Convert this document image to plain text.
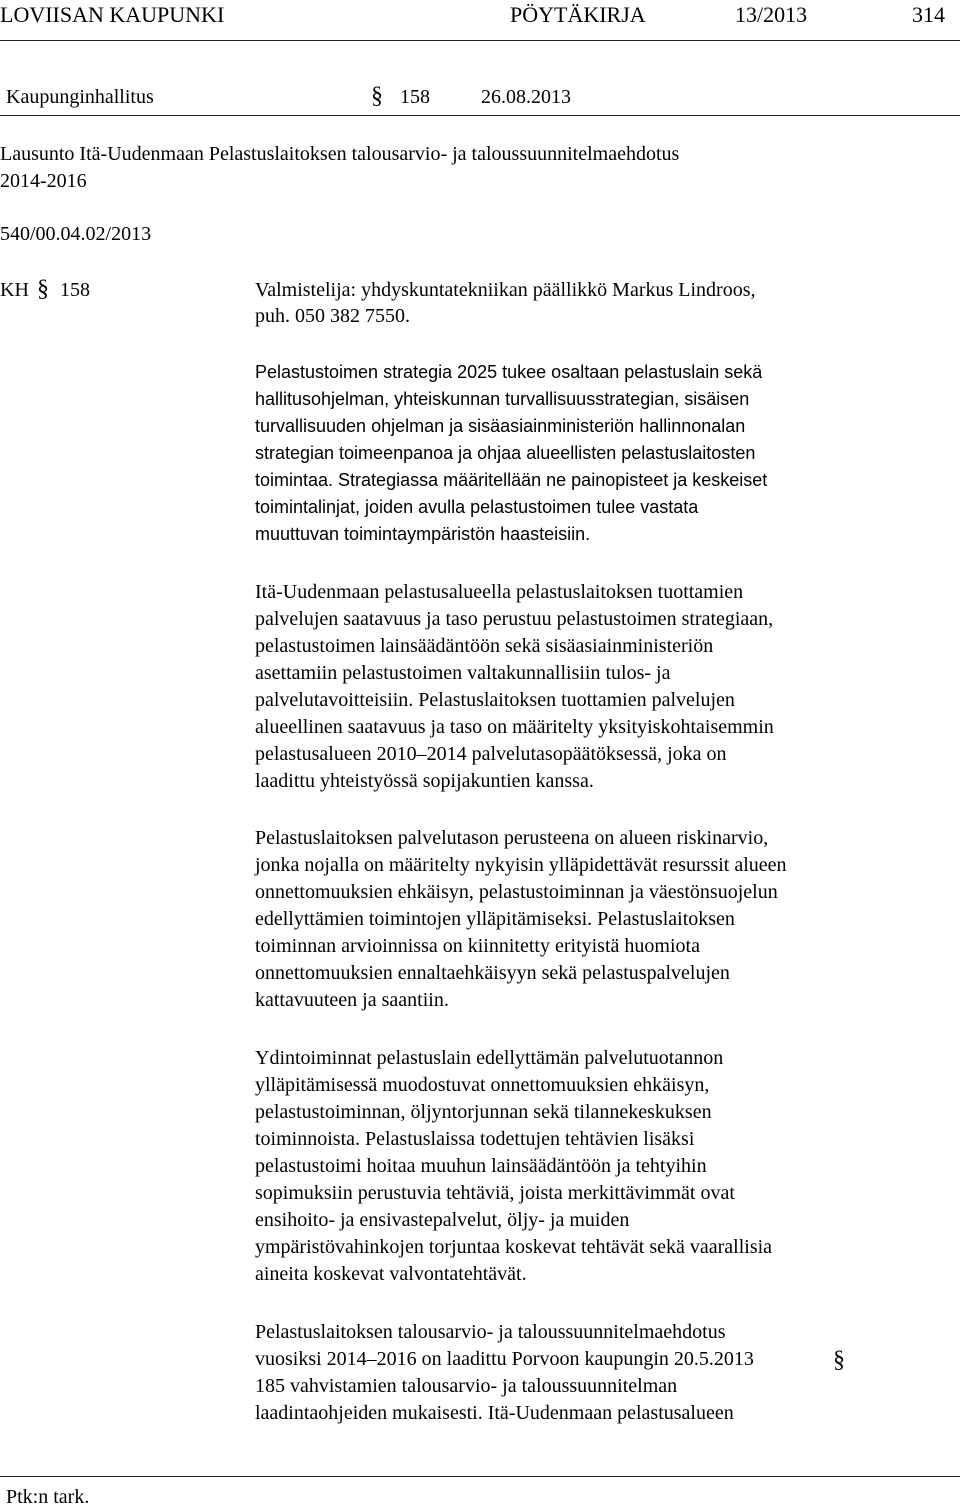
LOVIISAN KAUPUNKI	PÖYTÄKIRJA	13/2013	314
Kaupunginhallitus	§ 158	26.08.2013
Lausunto Itä-Uudenmaan Pelastuslaitoksen talousarvio- ja taloussuunnitelmaehdotus
2014-2016
540/00.04.02/2013
KH § 158	Valmistelija: yhdyskuntatekniikan päällikkö Markus Lindroos,
puh. 050 382 7550.
Pelastustoimen strategia 2025 tukee osaltaan pelastuslain sekä
hallitusohjelman, yhteiskunnan turvallisuusstrategian, sisäisen
turvallisuuden ohjelman ja sisäasiainministeriön hallinnonalan
strategian toimeenpanoa ja ohjaa alueellisten pelastuslaitosten
toimintaa. Strategiassa määritellään ne painopisteet ja keskeiset
toimintalinjat, joiden avulla pelastustoimen tulee vastata
muuttuvan toimintaympäristön haasteisiin.
Itä-Uudenmaan pelastusalueella pelastuslaitoksen tuottamien
palvelujen saatavuus ja taso perustuu pelastustoimen strategiaan,
pelastustoimen lainsäädäntöön sekä sisäasiainministeriön
asettamiin pelastustoimen valtakunnallisiin tulos- ja
palvelutavoitteisiin. Pelastuslaitoksen tuottamien palvelujen
alueellinen saatavuus ja taso on määritelty yksityiskohtaisemmin
pelastusalueen 2010–2014 palvelutasopäätöksessä, joka on
laadittu yhteistyössä sopijakuntien kanssa.
Pelastuslaitoksen palvelutason perusteena on alueen riskinarvio,
jonka nojalla on määritelty nykyisin ylläpidettävät resurssit alueen
onnettomuuksien ehkäisyn, pelastustoiminnan ja väestönsuojelun
edellyttämien toimintojen ylläpitämiseksi. Pelastuslaitoksen
toiminnan arvioinnissa on kiinnitetty erityistä huomiota
onnettomuuksien ennaltaehkäisyyn sekä pelastuspalvelujen
kattavuuteen ja saantiin.
Ydintoiminnat pelastuslain edellyttämän palvelutuotannon
ylläpitämisessä muodostuvat onnettomuuksien ehkäisyn,
pelastustoiminnan, öljyntorjunnan sekä tilannekeskuksen
toiminnoista. Pelastuslaissa todettujen tehtävien lisäksi
pelastustoimi hoitaa muuhun lainsäädäntöön ja tehtyihin
sopimuksiin perustuvia tehtäviä, joista merkittävimmät ovat
ensihoito- ja ensivastepalvelut, öljy- ja muiden
ympäristövahinkojen torjuntaa koskevat tehtävät sekä vaarallisia
aineita koskevat valvontatehtävät.
Pelastuslaitoksen talousarvio- ja taloussuunnitelmaehdotus
vuosiksi 2014–2016 on laadittu Porvoon kaupungin 20.5.2013	§
185 vahvistamien talousarvio- ja taloussuunnitelman
laadintaohjeiden mukaisesti. Itä-Uudenmaan pelastusalueen
Ptk:n tark.
